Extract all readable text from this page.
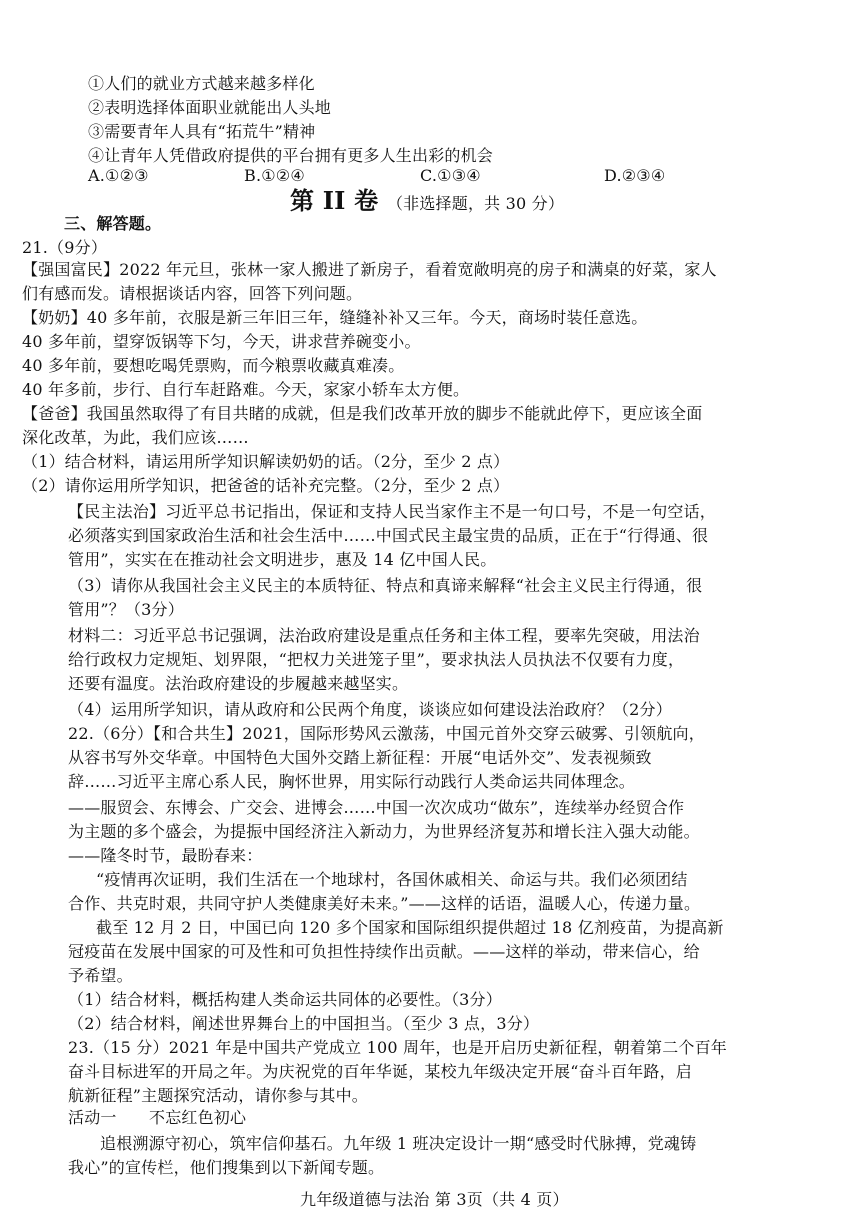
①人们的就业方式越来越多样化
②表明选择体面职业就能出人头地
③需要青年人具有“拓荒牛”精神
④让青年人凭借政府提供的平台拥有更多人生出彩的机会
A.①②③	B.①②④	C.①③④	D.②③④
第 II 卷 （非选择题，共 30 分）
三、解答题。
21.（9分）
【强国富民】2022 年元旦，张林一家人搬进了新房子，看着宽敞明亮的房子和满桌的好菜，家人
们有感而发。请根据谈话内容，回答下列问题。
【奶奶】40 多年前，衣服是新三年旧三年，缝缝补补又三年。今天，商场时装任意选。
40 多年前，望穿饭锅等下匀，今天，讲求营养碗变小。
40 多年前，要想吃喝凭票购，而今粮票收藏真难凑。
40 年多前，步行、自行车赶路难。今天，家家小轿车太方便。
【爸爸】我国虽然取得了有目共睹的成就，但是我们改革开放的脚步不能就此停下，更应该全面
深化改革，为此，我们应该……
（1）结合材料，请运用所学知识解读奶奶的话。（2分，至少 2 点）
（2）请你运用所学知识，把爸爸的话补充完整。（2分，至少 2 点）
【民主法治】习近平总书记指出，保证和支持人民当家作主不是一句口号，不是一句空话，
必须落实到国家政治生活和社会生活中……中国式民主最宝贵的品质，正在于“行得通、很
管用”，实实在在推动社会文明进步，惠及 14 亿中国人民。
（3）请你从我国社会主义民主的本质特征、特点和真谛来解释“社会主义民主行得通，很
管用”？（3分）
材料二：习近平总书记强调，法治政府建设是重点任务和主体工程，要率先突破，用法治
给行政权力定规矩、划界限，“把权力关进笼子里”，要求执法人员执法不仅要有力度，
还要有温度。法治政府建设的步履越来越坚实。
（4）运用所学知识，请从政府和公民两个角度，谈谈应如何建设法治政府？（2分）
22.（6分）【和合共生】2021，国际形势风云激荡，中国元首外交穿云破雾、引领航向，
从容书写外交华章。中国特色大国外交踏上新征程：开展“电话外交”、发表视频致
辞……习近平主席心系人民，胸怀世界，用实际行动践行人类命运共同体理念。
——服贸会、东博会、广交会、进博会……中国一次次成功“做东”，连续举办经贸合作
为主题的多个盛会，为提振中国经济注入新动力，为世界经济复苏和增长注入强大动能。
——隆冬时节，最盼春来：
“疫情再次证明，我们生活在一个地球村，各国休戚相关、命运与共。我们必须团结
合作、共克时艰，共同守护人类健康美好未来。”——这样的话语，温暖人心，传递力量。
截至 12 月 2 日，中国已向 120 多个国家和国际组织提供超过 18 亿剂疫苗，为提高新
冠疫苗在发展中国家的可及性和可负担性持续作出贡献。——这样的举动，带来信心，给
予希望。
（1）结合材料，概括构建人类命运共同体的必要性。（3分）
（2）结合材料，阐述世界舞台上的中国担当。（至少 3 点，3分）
23.（15 分）2021 年是中国共产党成立 100 周年，也是开启历史新征程，朝着第二个百年
奋斗目标进军的开局之年。为庆祝党的百年华诞，某校九年级决定开展“奋斗百年路，启
航新征程”主题探究活动，请你参与其中。
活动一　　不忘红色初心
追根溯源守初心，筑牢信仰基石。九年级 1 班决定设计一期“感受时代脉搏，党魂铸
我心”的宣传栏，他们搜集到以下新闻专题。
九年级道德与法治 第 3页（共 4 页）
